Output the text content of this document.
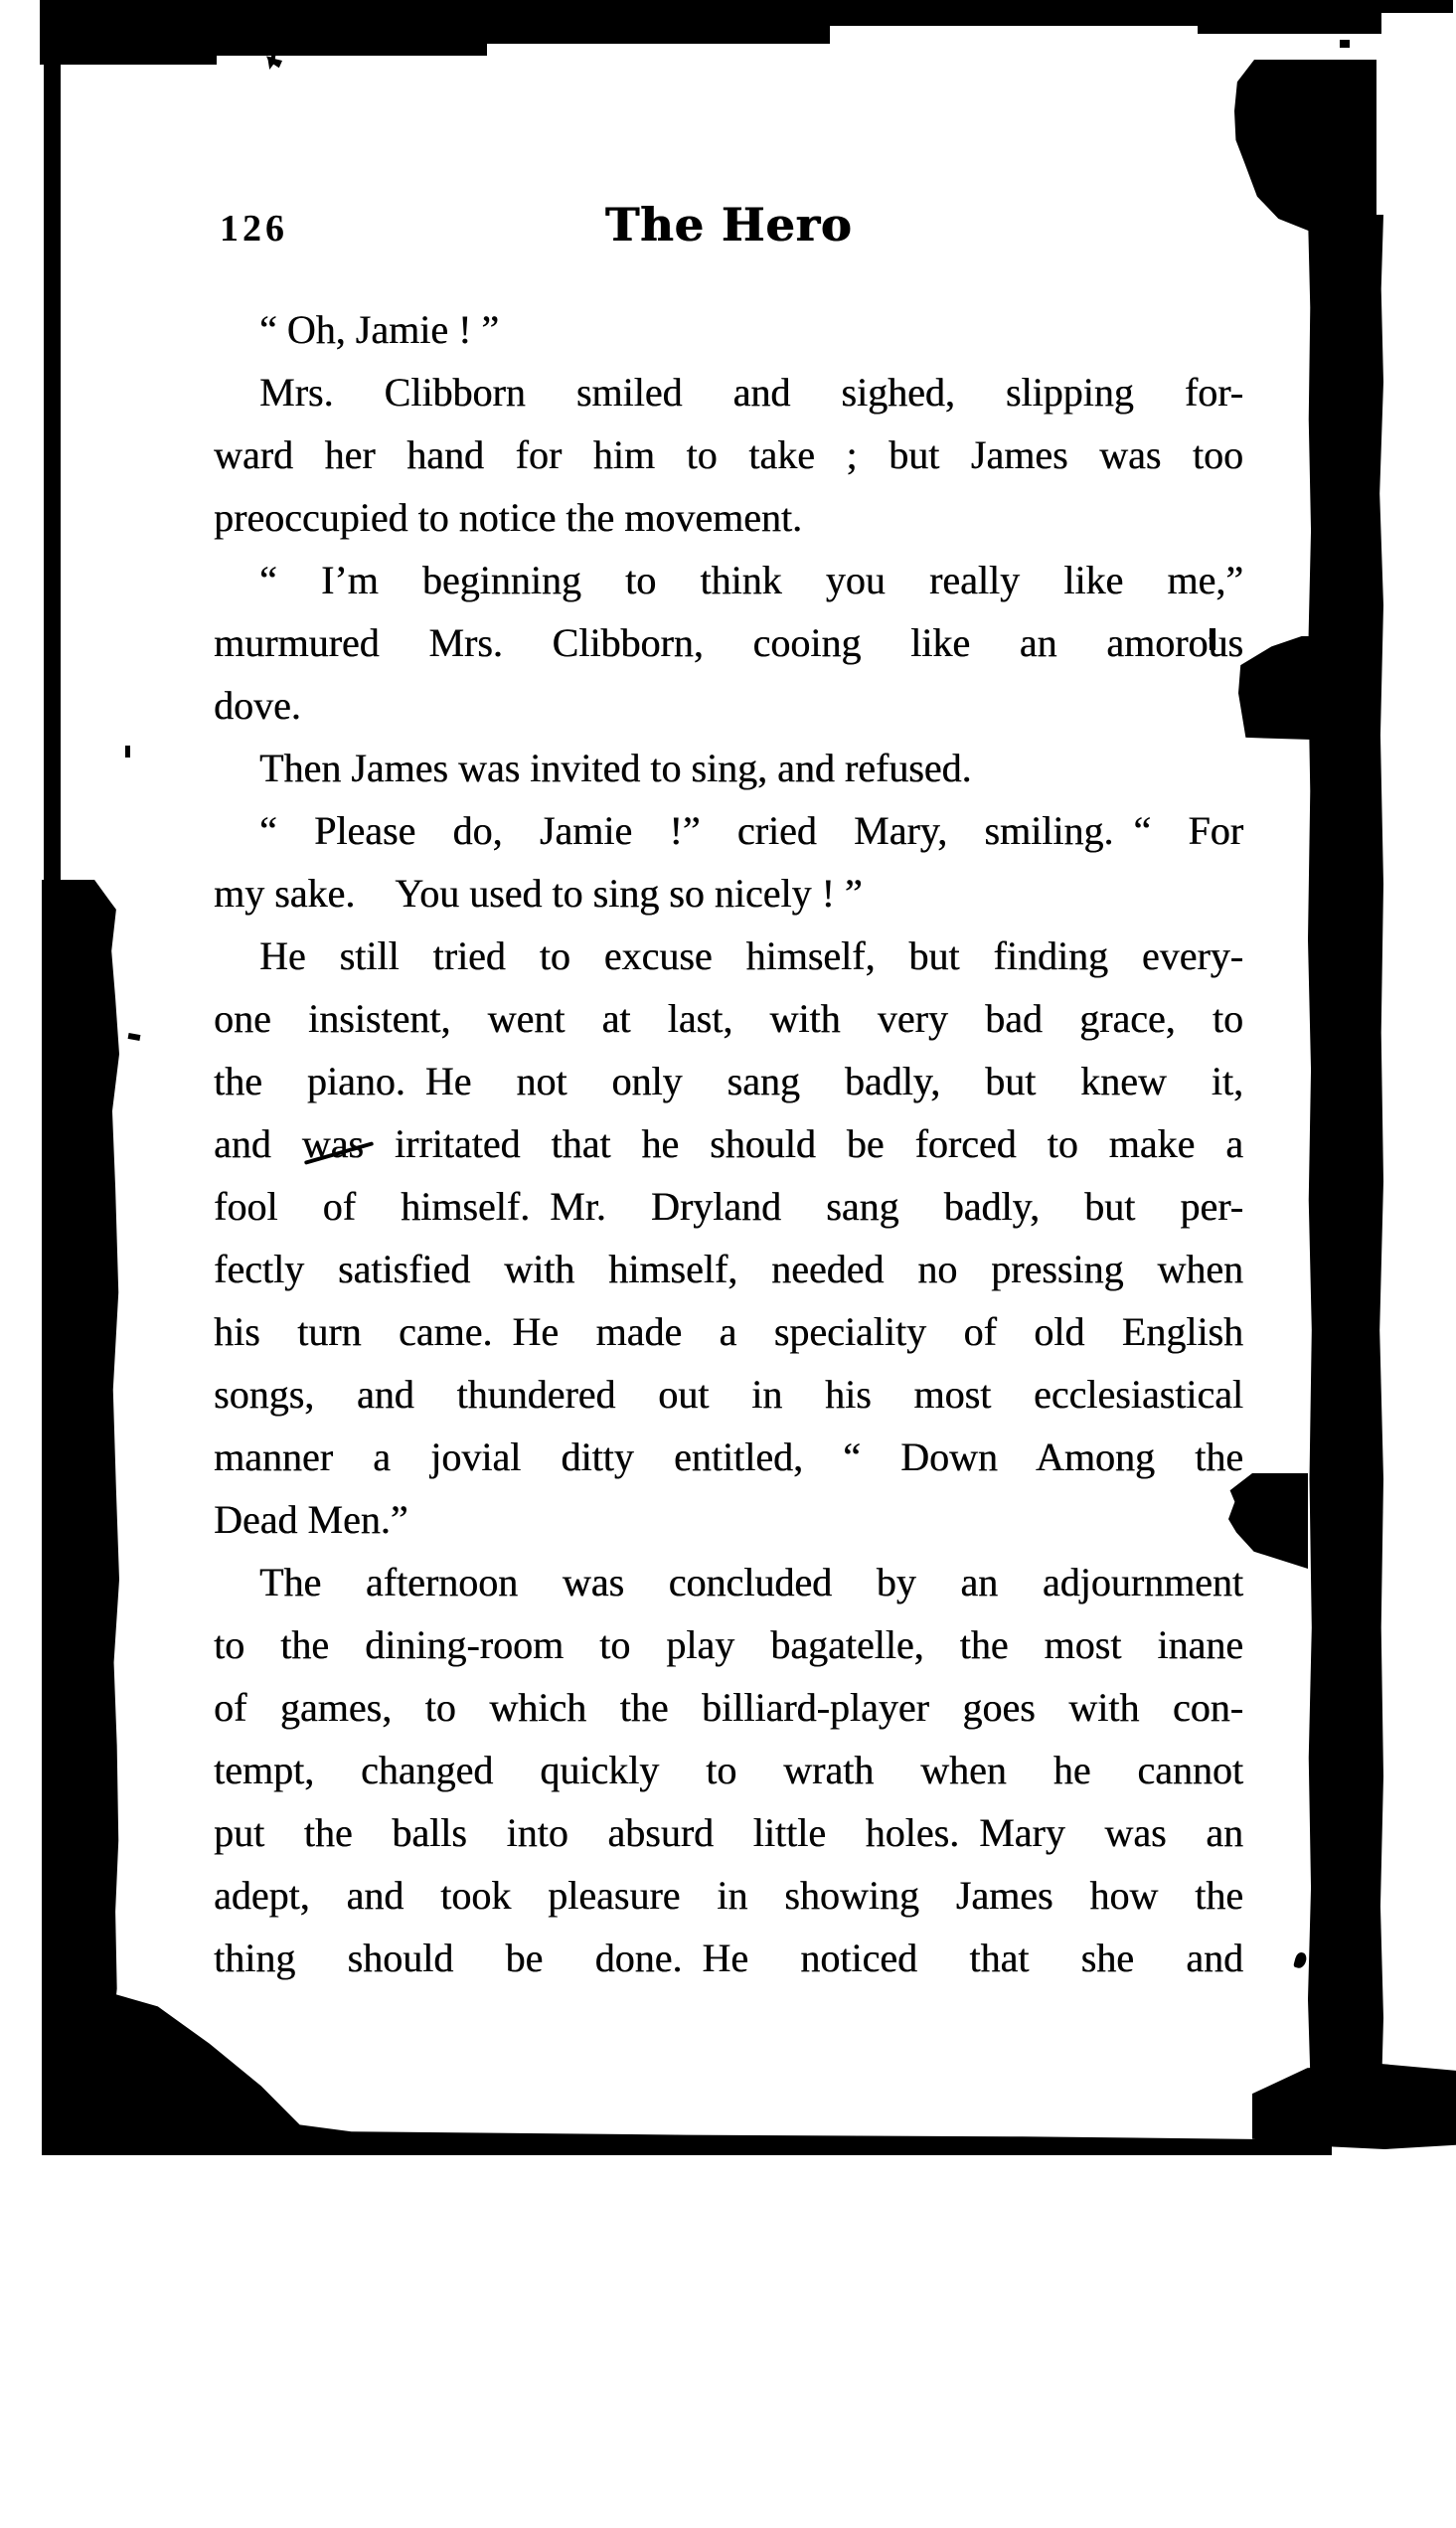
126	The Hero
“ Oh, Jamie ! ”
Mrs. Clibborn smiled and sighed, slipping for-
ward her hand for him to take ; but James was too
preoccupied to notice the movement.
“ I’m beginning to think you really like me,”
murmured Mrs. Clibborn, cooing like an amorous
dove.
Then James was invited to sing, and refused.
“ Please do, Jamie !” cried Mary, smiling. “ For
my sake. You used to sing so nicely ! ”
He still tried to excuse himself, but finding every-
one insistent, went at last, with very bad grace, to
the piano. He not only sang badly, but knew it,
and was irritated that he should be forced to make a
fool of himself. Mr. Dryland sang badly, but per-
fectly satisfied with himself, needed no pressing when
his turn came. He made a speciality of old English
songs, and thundered out in his most ecclesiastical
manner a jovial ditty entitled, “ Down Among the
Dead Men.”
The afternoon was concluded by an adjournment
to the dining-room to play bagatelle, the most inane
of games, to which the billiard-player goes with con-
tempt, changed quickly to wrath when he cannot
put the balls into absurd little holes. Mary was an
adept, and took pleasure in showing James how the
thing should be done. He noticed that she and
